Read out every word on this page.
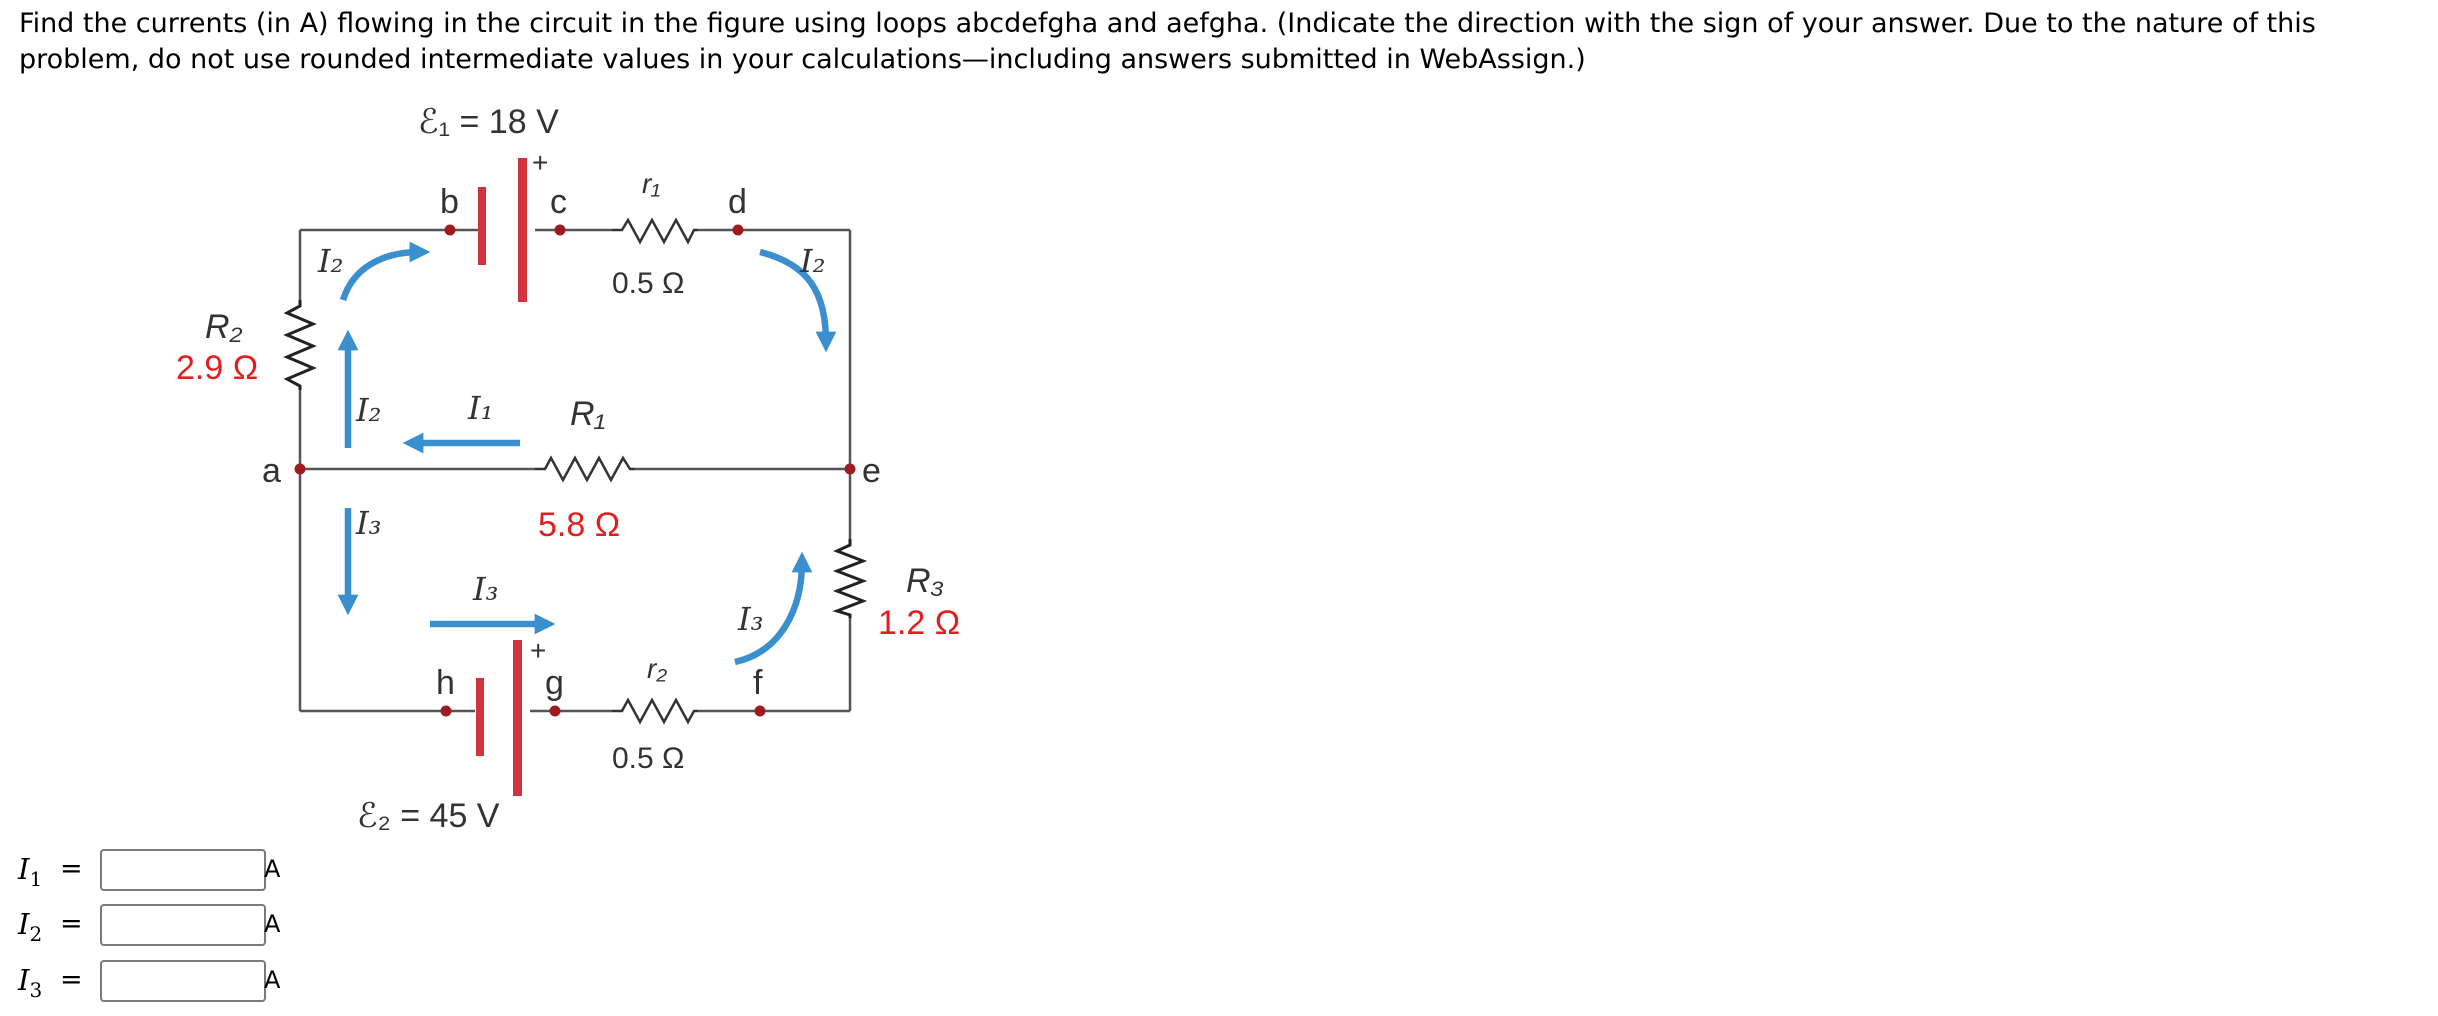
Find the currents (in A) flowing in the circuit in the figure using loops abcdefgha and aefgha. (Indicate the direction with the sign of your answer. Due to the nature of this problem, do not use rounded intermediate values in your calculations—including answers submitted in WebAssign.)

+
+
a
b	c	d
e
f
g
h
ℰ₁ = 18 V
ℰ₂ = 45 V
r₁
0.5 Ω
r₂
0.5 Ω
R₁
R₂
R₃
5.8 Ω
2.9 Ω
1.2 Ω
I₂	I₂
I₂	I₁
I₃
I₃
I₃
$I_1$ =	A
$I_2$ =	A
$I_3$ =	A
